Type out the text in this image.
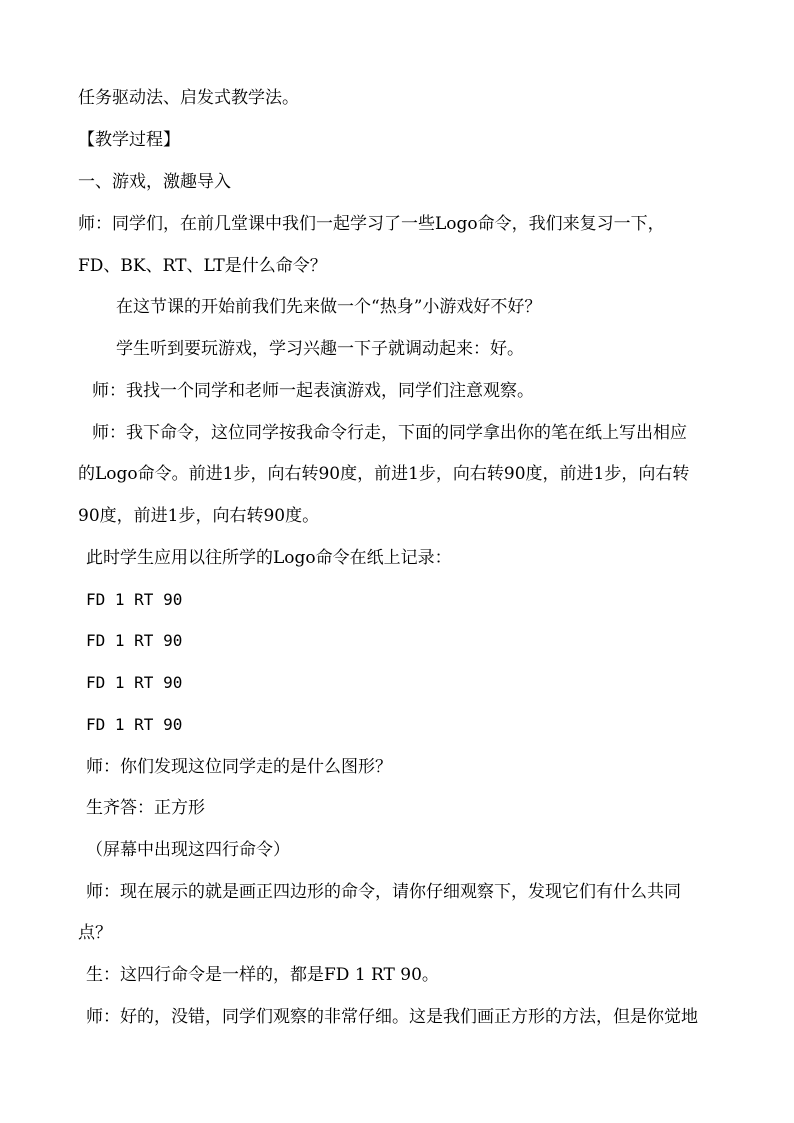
任务驱动法、启发式教学法。

【教学过程】

一、游戏，激趣导入

师：同学们，在前几堂课中我们一起学习了一些Logo命令，我们来复习一下，

FD、BK、RT、LT是什么命令？

在这节课的开始前我们先来做一个“热身”小游戏好不好？

学生听到要玩游戏，学习兴趣一下子就调动起来：好。

师：我找一个同学和老师一起表演游戏，同学们注意观察。

师：我下命令，这位同学按我命令行走，下面的同学拿出你的笔在纸上写出相应

的Logo命令。前进1步，向右转90度，前进1步，向右转90度，前进1步，向右转

90度，前进1步，向右转90度。

此时学生应用以往所学的Logo命令在纸上记录：

FD 1 RT 90

FD 1 RT 90

FD 1 RT 90

FD 1 RT 90

师：你们发现这位同学走的是什么图形？

生齐答：正方形

（屏幕中出现这四行命令）

师：现在展示的就是画正四边形的命令，请你仔细观察下，发现它们有什么共同

点？

生：这四行命令是一样的，都是FD 1 RT 90。

师：好的，没错，同学们观察的非常仔细。这是我们画正方形的方法，但是你觉地
